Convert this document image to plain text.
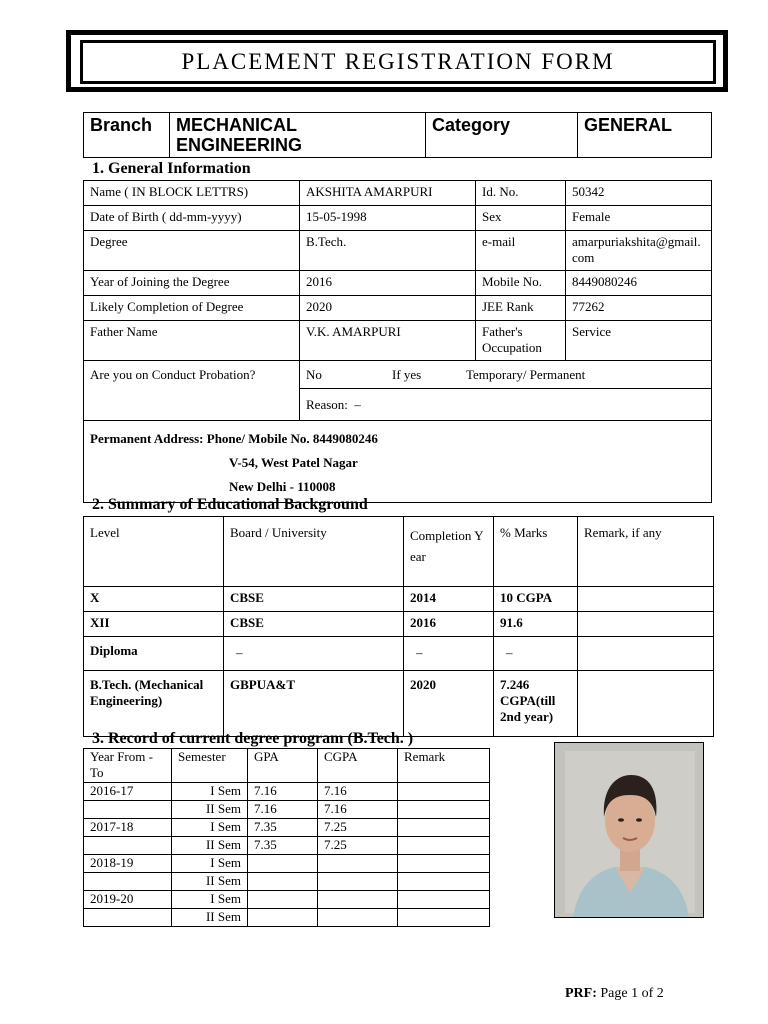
PLACEMENT REGISTRATION FORM
Branch	MECHANICAL ENGINEERING	Category	GENERAL
1. General Information
Name ( IN BLOCK LETTRS)	AKSHITA AMARPURI	Id. No.	50342
Date of Birth ( dd-mm-yyyy)	15-05-1998	Sex	Female
Degree	B.Tech.	e-mail	amarpuriakshita@gmail.com
Year of Joining the Degree	2016	Mobile No.	8449080246
Likely Completion of Degree	2020	JEE Rank	77262
Father Name	V.K. AMARPURI	Father's Occupation	Service
Are you on Conduct Probation?	No If yes Temporary/ Permanent		
	Reason: –		

Permanent Address: Phone/ Mobile No. 8449080246
V-54, West Patel Nagar
New Delhi - 110008			
2. Summary of Educational Background
Level	Board / University	Completion Year	% Marks	Remark, if any
X	CBSE	2014	10 CGPA	
XII	CBSE	2016	91.6	
Diploma	–	–	–	
B.Tech. (Mechanical Engineering)	GBPUA&T	2020	7.246 CGPA(till 2nd year)	
3. Record of current degree program (B.Tech. )
Year From -To	Semester	GPA	CGPA	Remark
2016-17	I Sem	7.16	7.16	
	II Sem	7.16	7.16	
2017-18	I Sem	7.35	7.25	
	II Sem	7.35	7.25	
2018-19	I Sem			
	II Sem			
2019-20	I Sem			
	II Sem			
PRF: Page 1 of 2
